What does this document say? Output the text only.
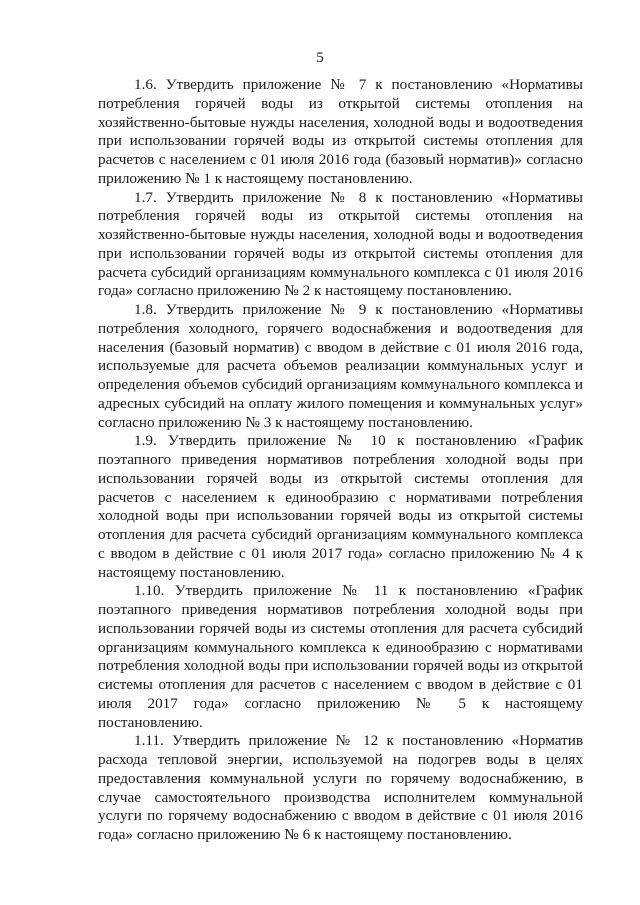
5

1.6. Утвердить приложение № 7 к постановлению «Нормативы потребления горячей воды из открытой системы отопления на хозяйственно-бытовые нужды населения, холодной воды и водоотведения при использовании горячей воды из открытой системы отопления для расчетов с населением с 01 июля 2016 года (базовый норматив)» согласно приложению № 1 к настоящему постановлению.

1.7. Утвердить приложение № 8 к постановлению «Нормативы потребления горячей воды из открытой системы отопления на хозяйственно-бытовые нужды населения, холодной воды и водоотведения при использовании горячей воды из открытой системы отопления для расчета субсидий организациям коммунального комплекса с 01 июля 2016 года» согласно приложению № 2 к настоящему постановлению.

1.8. Утвердить приложение № 9 к постановлению «Нормативы потребления холодного, горячего водоснабжения и водоотведения для населения (базовый норматив) с вводом в действие с 01 июля 2016 года, используемые для расчета объемов реализации коммунальных услуг и определения объемов субсидий организациям коммунального комплекса и адресных субсидий на оплату жилого помещения и коммунальных услуг» согласно приложению № 3 к настоящему постановлению.

1.9. Утвердить приложение № 10 к постановлению «График поэтапного приведения нормативов потребления холодной воды при использовании горячей воды из открытой системы отопления для расчетов с населением к единообразию с нормативами потребления холодной воды при использовании горячей воды из открытой системы отопления для расчета субсидий организациям коммунального комплекса с вводом в действие с 01 июля 2017 года» согласно приложению № 4 к настоящему постановлению.

1.10. Утвердить приложение № 11 к постановлению «График поэтапного приведения нормативов потребления холодной воды при использовании горячей воды из системы отопления для расчета субсидий организациям коммунального комплекса к единообразию с нормативами потребления холодной воды при использовании горячей воды из открытой системы отопления для расчетов с населением с вводом в действие с 01 июля 2017 года» согласно приложению № 5 к настоящему постановлению.

1.11. Утвердить приложение № 12 к постановлению «Норматив расхода тепловой энергии, используемой на подогрев воды в целях предоставления коммунальной услуги по горячему водоснабжению, в случае самостоятельного производства исполнителем коммунальной услуги по горячему водоснабжению с вводом в действие с 01 июля 2016 года» согласно приложению № 6 к настоящему постановлению.
